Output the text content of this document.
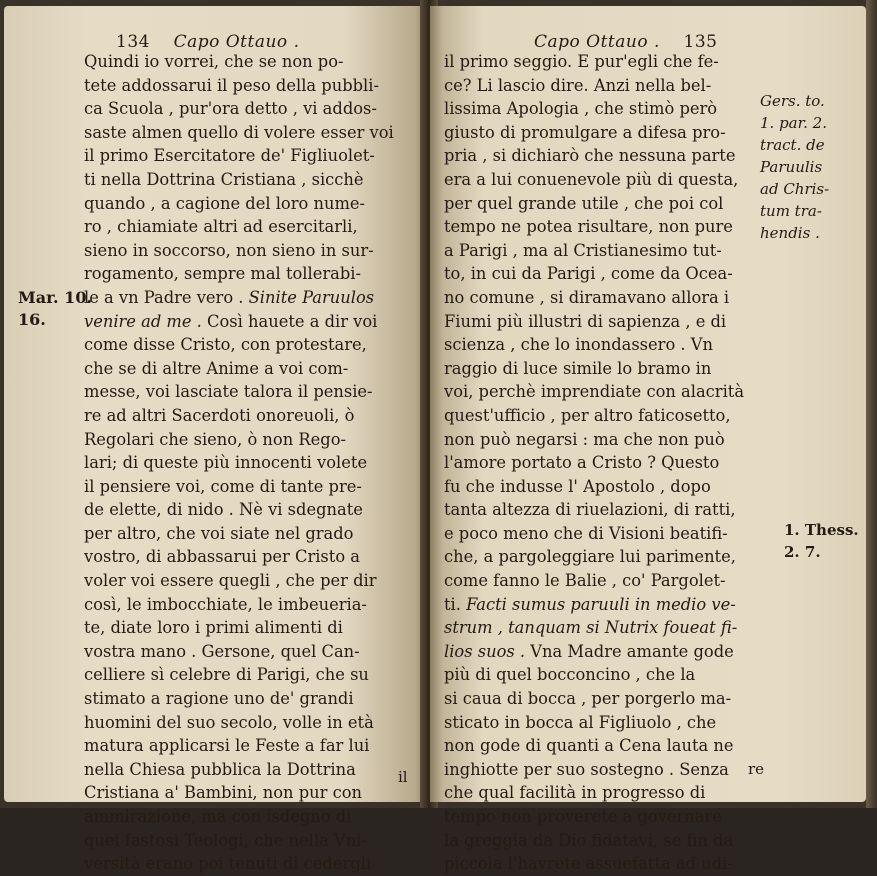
134 Capo Ottauo .
Quindi io vorrei, che se non po-
tete addossarui il peso della pubbli-
ca Scuola , pur'ora detto , vi addos-
saste almen quello di volere esser voi
il primo Esercitatore de' Figliuolet-
ti nella Dottrina Cristiana , sicchè
quando , a cagione del loro nume-
ro , chiamiate altri ad esercitarli,
sieno in soccorso, non sieno in sur-
rogamento, sempre mal tollerabi-
le a vn Padre vero . Sinite Paruulos
venire ad me . Così hauete a dir voi
come disse Cristo, con protestare,
che se di altre Anime a voi com-
messe, voi lasciate talora il pensie-
re ad altri Sacerdoti onoreuoli, ò
Regolari che sieno, ò non Rego-
lari; di queste più innocenti volete
il pensiere voi, come di tante pre-
de elette, di nido . Nè vi sdegnate
per altro, che voi siate nel grado
vostro, di abbassarui per Cristo a
voler voi essere quegli , che per dir
così, le imbocchiate, le imbeueria-
te, diate loro i primi alimenti di
vostra mano . Gersone, quel Can-
celliere sì celebre di Parigi, che su
stimato a ragione uno de' grandi
huomini del suo secolo, volle in età
matura applicarsi le Feste a far lui
nella Chiesa pubblica la Dottrina
Cristiana a' Bambini, non pur con
ammirazione, ma con isdegno di
quei fastosi Teologi, che nella Vni-
versità erano poi tenuti di cedergli
Mar. 10.
16.
il
Capo Ottauo . 135
il primo seggio. E pur'egli che fe-
ce? Li lascio dire. Anzi nella bel-
lissima Apologia , che stimò però
giusto di promulgare a difesa pro-
pria , si dichiarò che nessuna parte
era a lui conuenevole più di questa,
per quel grande utile , che poi col
tempo ne potea risultare, non pure
a Parigi , ma al Cristianesimo tut-
to, in cui da Parigi , come da Ocea-
no comune , si diramavano allora i
Fiumi più illustri di sapienza , e di
scienza , che lo inondassero . Vn
raggio di luce simile lo bramo in
voi, perchè imprendiate con alacrità
quest'ufficio , per altro faticosetto,
non può negarsi : ma che non può
l'amore portato a Cristo ? Questo
fu che indusse l' Apostolo , dopo
tanta altezza di riuelazioni, di ratti,
e poco meno che di Visioni beatifi-
che, a pargoleggiare lui parimente,
come fanno le Balie , co' Pargolet-
ti. Facti sumus paruuli in medio ve-
strum , tanquam si Nutrix foueat fi-
lios suos . Vna Madre amante gode
più di quel bocconcino , che la
si caua di bocca , per porgerlo ma-
sticato in bocca al Figliuolo , che
non gode di quanti a Cena lauta ne
inghiotte per suo sostegno . Senza
che qual facilità in progresso di
tempo non proverete a governare
la greggia da Dio fidatavi, se fin da
piccola l'havrete assuefatta ad udi-
Gers. to.
1. par. 2.
tract. de
Paruulis
ad Chris-
tum tra-
hendis .
1. Thess.
2. 7.
re
